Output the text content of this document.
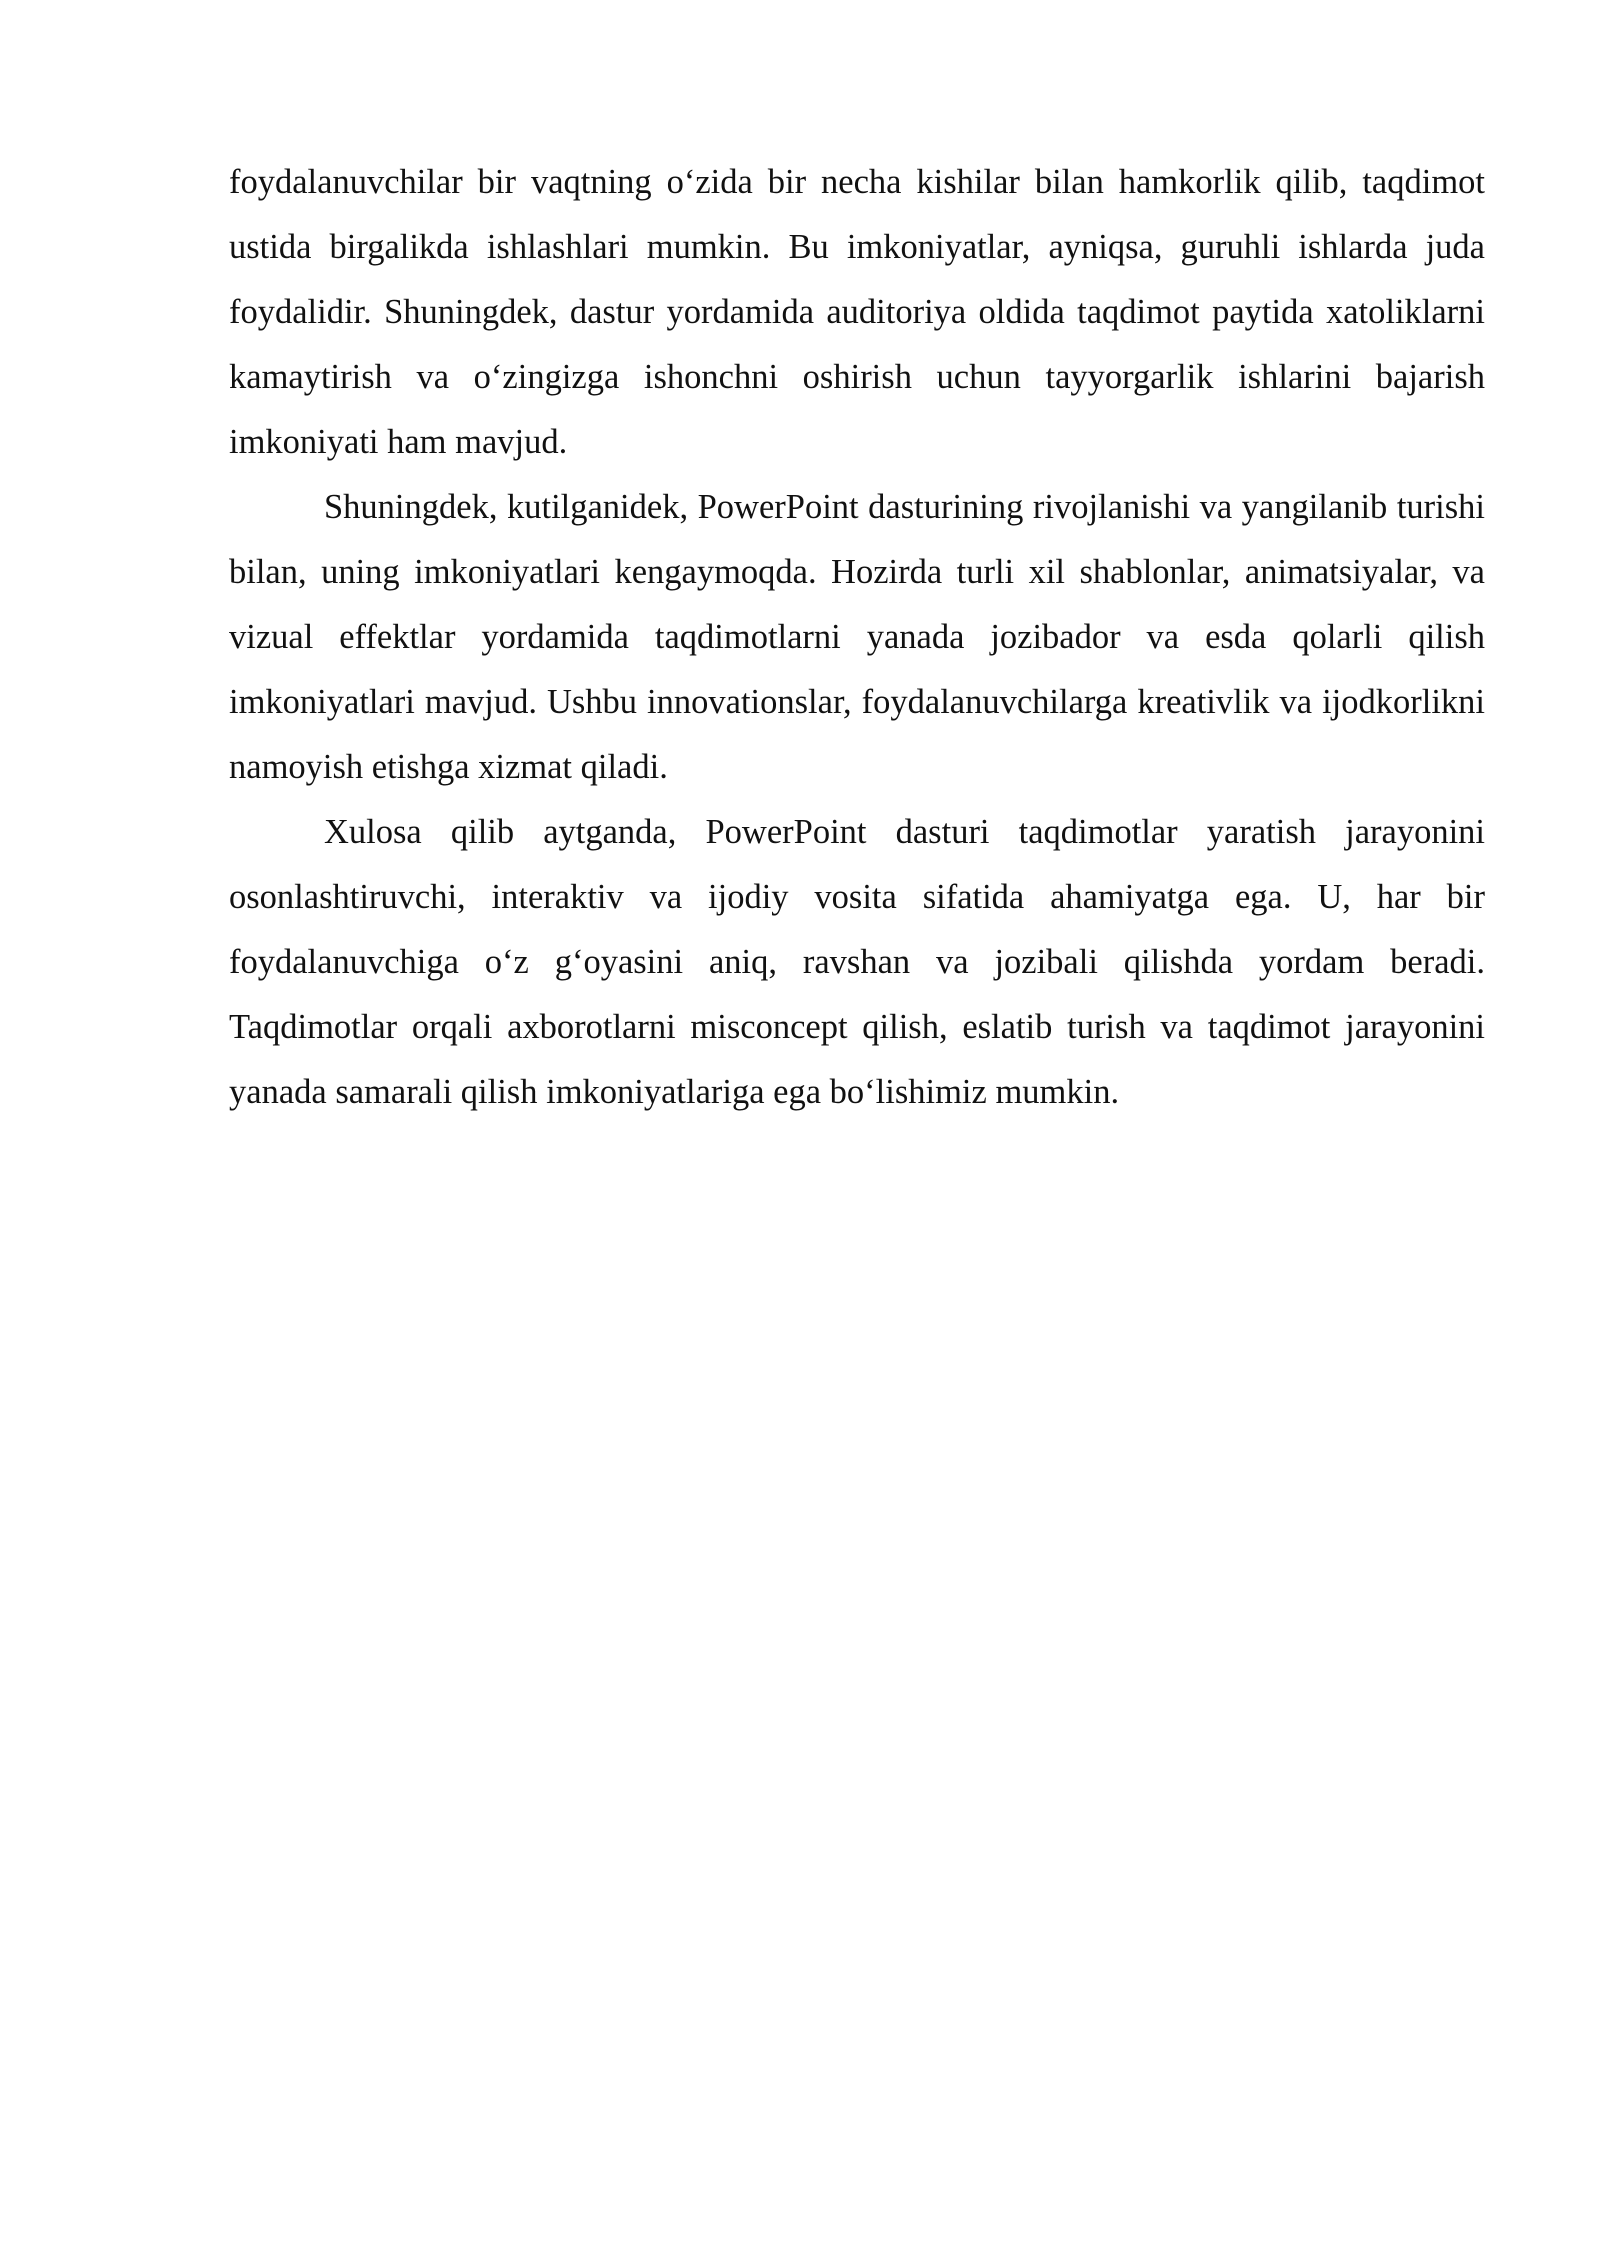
foydalanuvchilar bir vaqtning o‘zida bir necha kishilar bilan hamkorlik qilib, taqdimot ustida birgalikda ishlashlari mumkin. Bu imkoniyatlar, ayniqsa, guruhli ishlarda juda foydalidir. Shuningdek, dastur yordamida auditoriya oldida taqdimot paytida xatoliklarni kamaytirish va o‘zingizga ishonchni oshirish uchun tayyorgarlik ishlarini bajarish imkoniyati ham mavjud.

Shuningdek, kutilganidek, PowerPoint dasturining rivojlanishi va yangilanib turishi bilan, uning imkoniyatlari kengaymoqda. Hozirda turli xil shablonlar, animatsiyalar, va vizual effektlar yordamida taqdimotlarni yanada jozibador va esda qolarli qilish imkoniyatlari mavjud. Ushbu innovationslar, foydalanuvchilarga kreativlik va ijodkorlikni namoyish etishga xizmat qiladi.

Xulosa qilib aytganda, PowerPoint dasturi taqdimotlar yaratish jarayonini osonlashtiruvchi, interaktiv va ijodiy vosita sifatida ahamiyatga ega. U, har bir foydalanuvchiga o‘z g‘oyasini aniq, ravshan va jozibali qilishda yordam beradi. Taqdimotlar orqali axborotlarni misconcept qilish, eslatib turish va taqdimot jarayonini yanada samarali qilish imkoniyatlariga ega bo‘lishimiz mumkin.
